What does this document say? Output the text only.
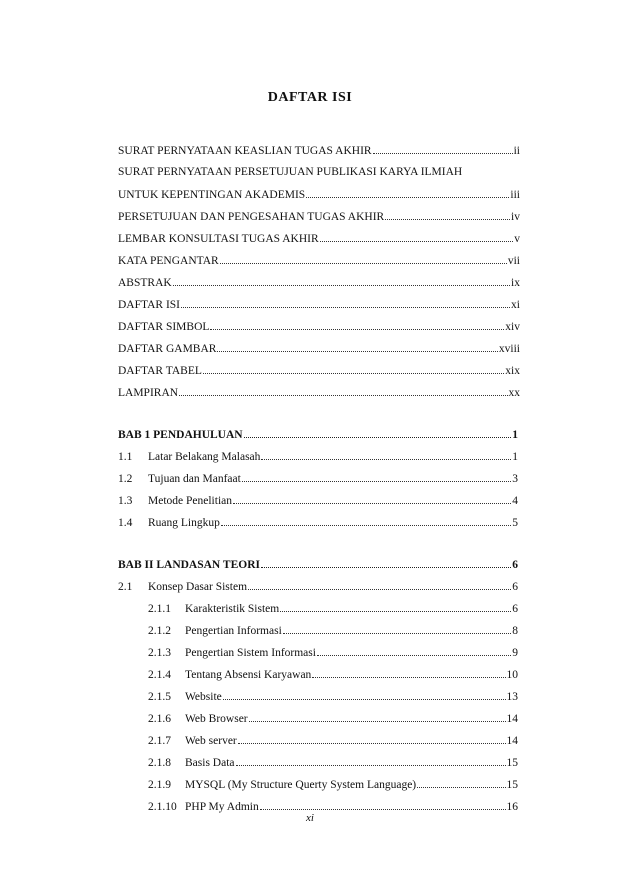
DAFTAR ISI
SURAT PERNYATAAN KEASLIAN TUGAS AKHIR	ii
SURAT PERNYATAAN PERSETUJUAN PUBLIKASI KARYA ILMIAH
UNTUK KEPENTINGAN AKADEMIS	iii
PERSETUJUAN DAN PENGESAHAN TUGAS AKHIR	iv
LEMBAR KONSULTASI TUGAS AKHIR	v
KATA PENGANTAR	vii
ABSTRAK	ix
DAFTAR ISI	xi
DAFTAR SIMBOL	xiv
DAFTAR GAMBAR	xviii
DAFTAR TABEL	xix
LAMPIRAN	xx
BAB 1 PENDAHULUAN	1
1.1	Latar Belakang Malasah	1
1.2	Tujuan dan Manfaat	3
1.3	Metode Penelitian	4
1.4	Ruang Lingkup	5
BAB II LANDASAN TEORI	6
2.1	Konsep Dasar Sistem	6
2.1.1	Karakteristik Sistem	6
2.1.2	Pengertian Informasi	8
2.1.3	Pengertian Sistem Informasi	9
2.1.4	Tentang Absensi Karyawan	10
2.1.5	Website	13
2.1.6	Web Browser	14
2.1.7	Web server	14
2.1.8	Basis Data	15
2.1.9	MYSQL (My Structure Querty System Language)	15
2.1.10 PHP My Admin	16
xi
